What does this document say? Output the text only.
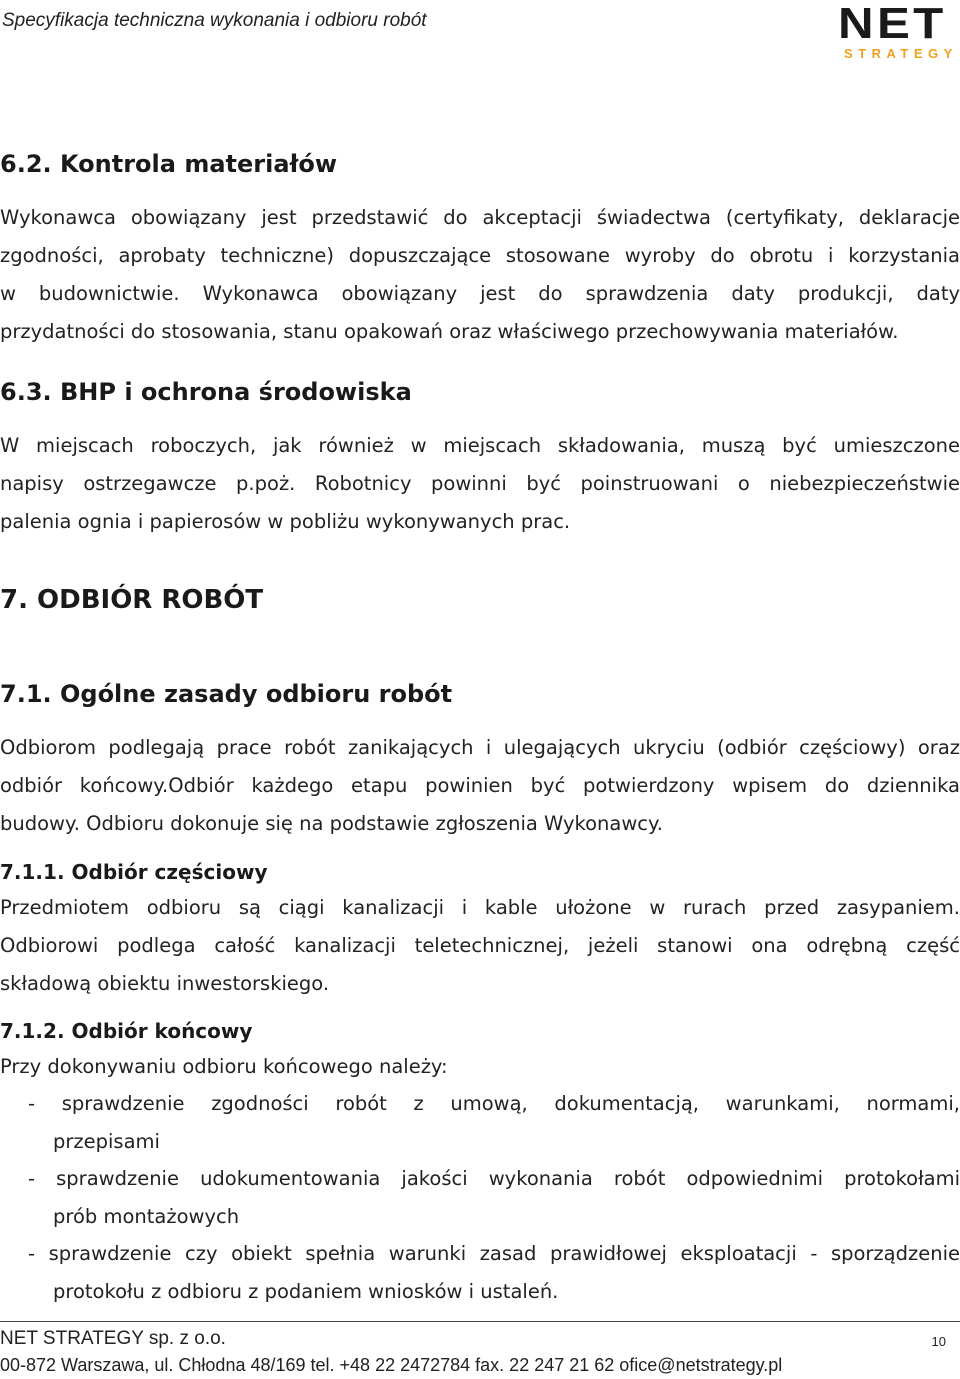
Specyfikacja techniczna wykonania i odbioru robót	NET
STRATEGY
6.2. Kontrola materiałów
Wykonawca obowiązany jest przedstawić do akceptacji świadectwa (certyfikaty, deklaracje
zgodności, aprobaty techniczne) dopuszczające stosowane wyroby do obrotu i korzystania
w budownictwie. Wykonawca obowiązany jest do sprawdzenia daty produkcji, daty
przydatności do stosowania, stanu opakowań oraz właściwego przechowywania materiałów.
6.3. BHP i ochrona środowiska
W miejscach roboczych, jak również w miejscach składowania, muszą być umieszczone
napisy ostrzegawcze p.poż. Robotnicy powinni być poinstruowani o niebezpieczeństwie
palenia ognia i papierosów w pobliżu wykonywanych prac.
7. ODBIÓR ROBÓT
7.1. Ogólne zasady odbioru robót
Odbiorom podlegają prace robót zanikających i ulegających ukryciu (odbiór częściowy) oraz
odbiór końcowy.Odbiór każdego etapu powinien być potwierdzony wpisem do dziennika
budowy. Odbioru dokonuje się na podstawie zgłoszenia Wykonawcy.
7.1.1. Odbiór częściowy
Przedmiotem odbioru są ciągi kanalizacji i kable ułożone w rurach przed zasypaniem.
Odbiorowi podlega całość kanalizacji teletechnicznej, jeżeli stanowi ona odrębną część
składową obiektu inwestorskiego.
7.1.2. Odbiór końcowy
Przy dokonywaniu odbioru końcowego należy:
- sprawdzenie zgodności robót z umową, dokumentacją, warunkami, normami,
przepisami
- sprawdzenie udokumentowania jakości wykonania robót odpowiednimi protokołami
prób montażowych
- sprawdzenie czy obiekt spełnia warunki zasad prawidłowej eksploatacji - sporządzenie
protokołu z odbioru z podaniem wniosków i ustaleń.
NET STRATEGY sp. z o.o.	10
00-872 Warszawa, ul. Chłodna 48/169 tel. +48 22 2472784 fax. 22 247 21 62 ofice@netstrategy.pl
